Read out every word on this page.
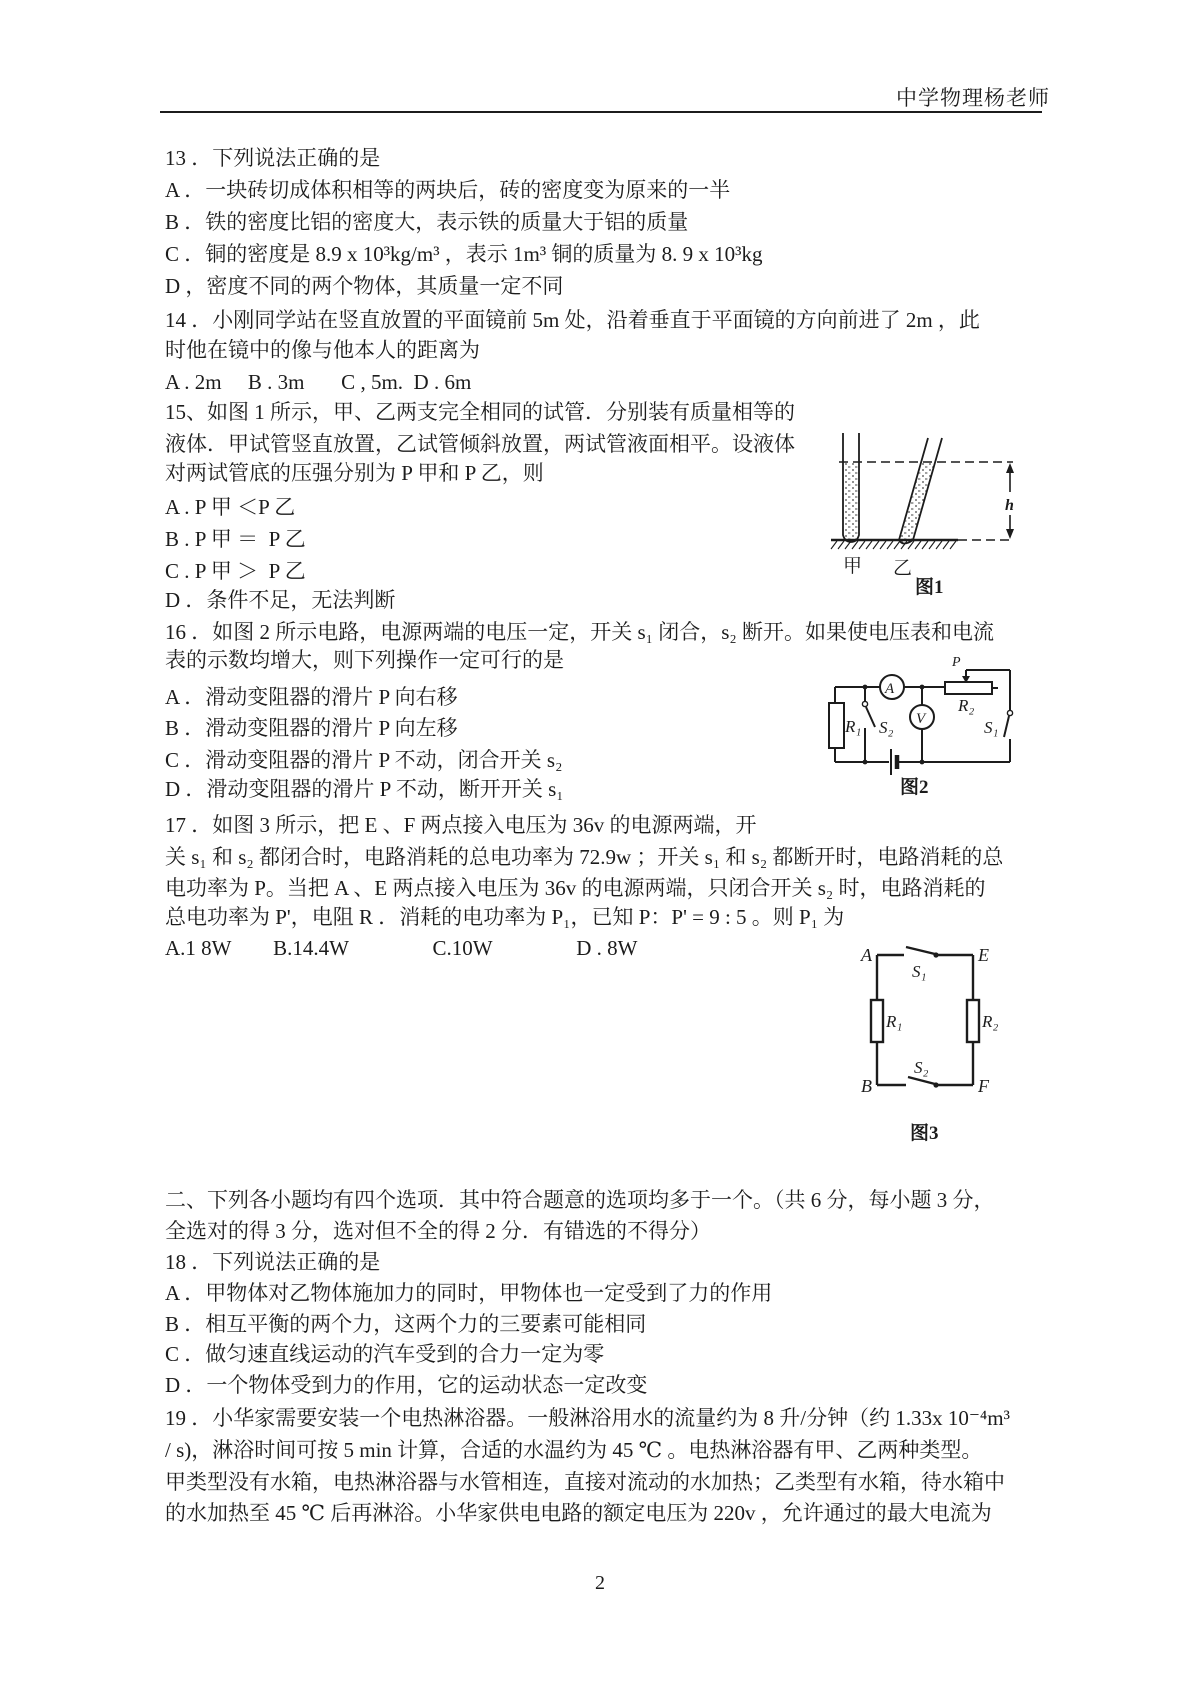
中学物理杨老师
13 ．下列说法正确的是
A ．一块砖切成体积相等的两块后，砖的密度变为原来的一半
B ．铁的密度比铝的密度大，表示铁的质量大于铝的质量
C ．铜的密度是 8.9 x 10³kg/m³ ，表示 1m³ 铜的质量为 8. 9 x 10³kg
D ，密度不同的两个物体，其质量一定不同
14 ．小刚同学站在竖直放置的平面镜前 5m 处，沿着垂直于平面镜的方向前进了 2m ，此
时他在镜中的像与他本人的距离为
A . 2m     B . 3m       C , 5m.  D . 6m
15、如图 1 所示，甲、乙两支完全相同的试管．分别装有质量相等的
液体．甲试管竖直放置，乙试管倾斜放置，两试管液面相平。设液体
对两试管底的压强分别为 P 甲和 P 乙，则
A . P 甲 ＜P 乙
B . P 甲 ＝  P 乙
C . P 甲 ＞  P 乙
D ．条件不足，无法判断
16 ．如图 2 所示电路，电源两端的电压一定，开关 s₁ 闭合，s₂ 断开。如果使电压表和电流
表的示数均增大，则下列操作一定可行的是
A ．滑动变阻器的滑片 P 向右移
B ．滑动变阻器的滑片 P 向左移
C ．滑动变阻器的滑片 P 不动，闭合开关 s₂
D ．滑动变阻器的滑片 P 不动，断开开关 s₁
17 ．如图 3 所示，把 E 、F 两点接入电压为 36v 的电源两端，开
关 s₁ 和 s₂ 都闭合时，电路消耗的总电功率为 72.9w ；开关 s₁ 和 s₂ 都断开时，电路消耗的总
电功率为 P。当把 A 、E 两点接入电压为 36v 的电源两端，只闭合开关 s₂ 时，电路消耗的
总电功率为 P'，电阻 R ．消耗的电功率为 P₁，已知 P：P' = 9 : 5 。则 P₁ 为
A.1 8W        B.14.4W                C.10W                D . 8W
二、下列各小题均有四个选项．其中符合题意的选项均多于一个。（共 6 分，每小题 3 分，
全选对的得 3 分，选对但不全的得 2 分．有错选的不得分）
18 ．下列说法正确的是
A ．甲物体对乙物体施加力的同时，甲物体也一定受到了力的作用
B ．相互平衡的两个力，这两个力的三要素可能相同
C ．做匀速直线运动的汽车受到的合力一定为零
D ．一个物体受到力的作用，它的运动状态一定改变
19 ．小华家需要安装一个电热淋浴器。一般淋浴用水的流量约为 8 升/分钟（约 1.33x 10⁻⁴m³
/ s)，淋浴时间可按 5 min 计算，合适的水温约为 45 ℃ 。电热淋浴器有甲、乙两种类型。
甲类型没有水箱，电热淋浴器与水管相连，直接对流动的水加热；乙类型有水箱，待水箱中
的水加热至 45 ℃ 后再淋浴。小华家供电电路的额定电压为 220v ，允许通过的最大电流为
h
甲 乙
图1
A
V
R₁
R₂
S₂	S₁
P
图2
A	E
B	F
S₁
S₂
R₁	R₂
图3
2
